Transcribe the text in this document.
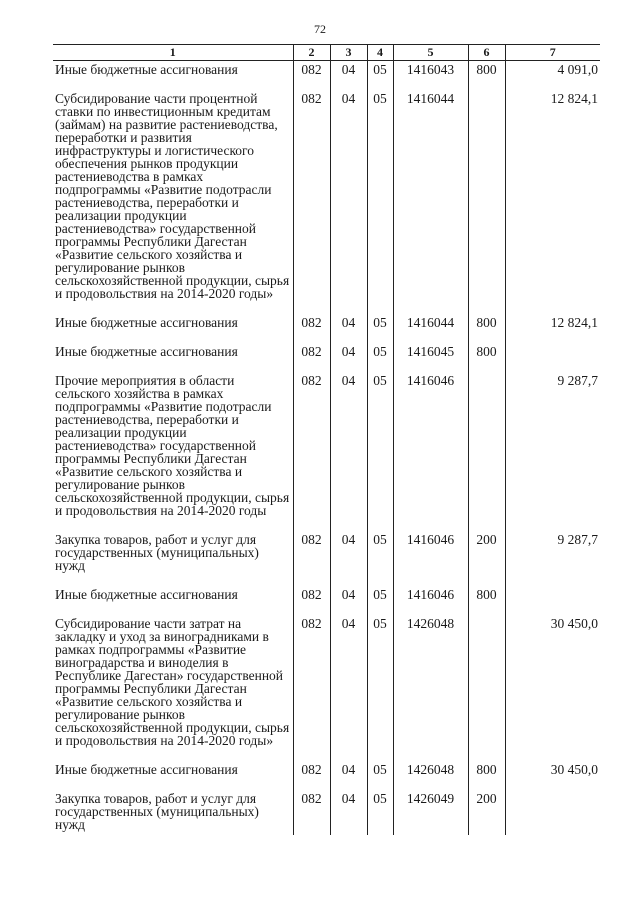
72
1	2	3	4	5	6	7
Иные бюджетные ассигнования	082	04	05	1416043	800	4 091,0
Субсидирование части процентной ставки по инвестиционным кредитам (займам) на развитие растениеводства, переработки и развития инфраструктуры и логистического обеспечения рынков продукции растениеводства в рамках подпрограммы «Развитие подотрасли растениеводства, переработки и реализации продукции растениеводства» государственной программы Республики Дагестан «Развитие сельского хозяйства и регулирование рынков сельскохозяйственной продукции, сырья и продовольствия на 2014-2020 годы»	082	04	05	1416044		12 824,1
Иные бюджетные ассигнования	082	04	05	1416044	800	12 824,1
Иные бюджетные ассигнования	082	04	05	1416045	800	
Прочие мероприятия в области сельского хозяйства в рамках подпрограммы «Развитие подотрасли растениеводства, переработки и реализации продукции растениеводства» государственной программы Республики Дагестан «Развитие сельского хозяйства и регулирование рынков сельскохозяйственной продукции, сырья и продовольствия на 2014-2020 годы	082	04	05	1416046		9 287,7
Закупка товаров, работ и услуг для государственных (муниципальных) нужд	082	04	05	1416046	200	9 287,7
Иные бюджетные ассигнования	082	04	05	1416046	800	
Субсидирование части затрат на закладку и уход за виноградниками в рамках подпрограммы «Развитие виноградарства и виноделия в Республике Дагестан» государственной программы Республики Дагестан «Развитие сельского хозяйства и регулирование рынков сельскохозяйственной продукции, сырья и продовольствия на 2014-2020 годы»	082	04	05	1426048		30 450,0
Иные бюджетные ассигнования	082	04	05	1426048	800	30 450,0
Закупка товаров, работ и услуг для государственных (муниципальных) нужд	082	04	05	1426049	200	
